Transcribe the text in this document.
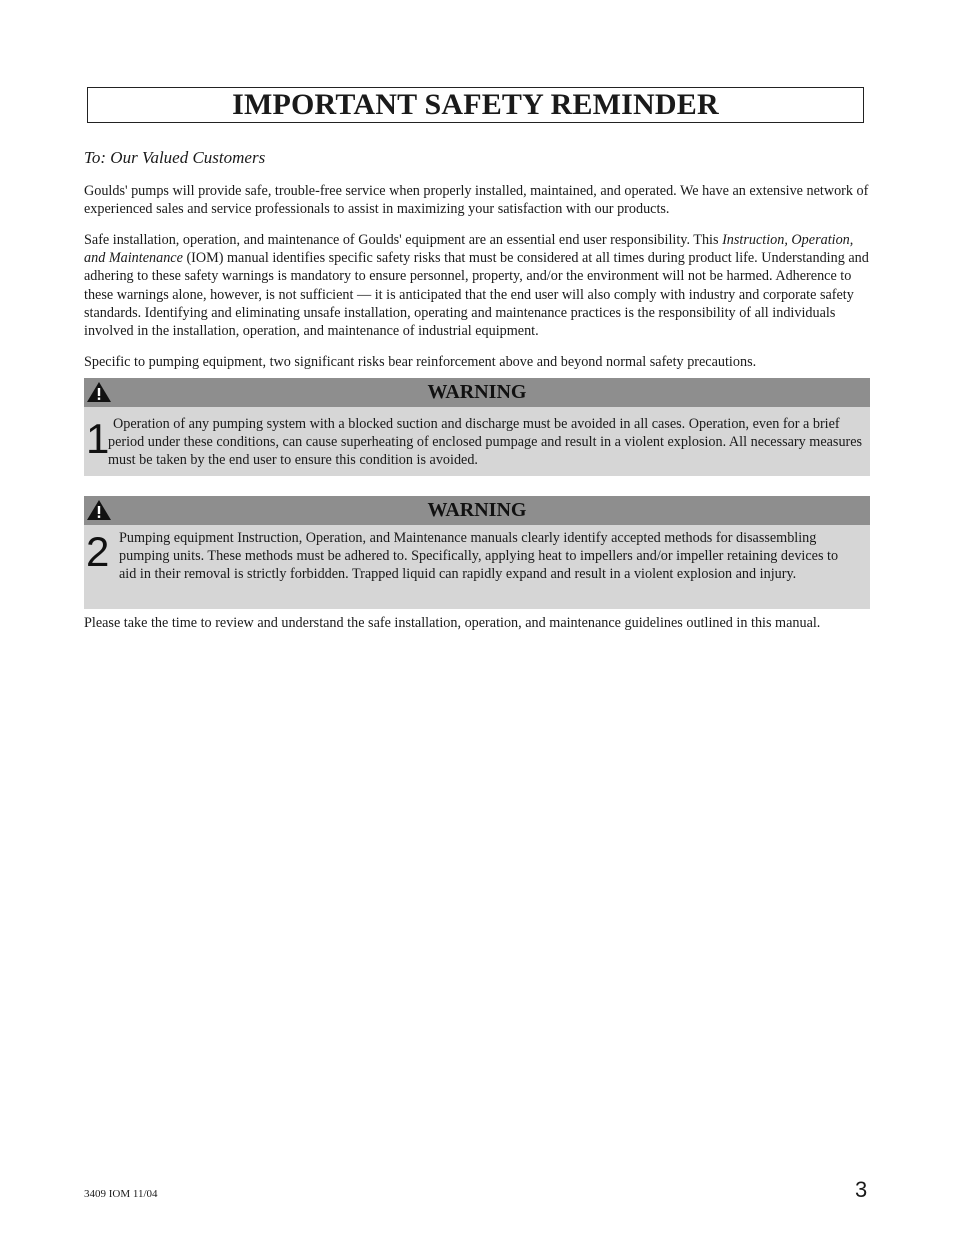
IMPORTANT SAFETY REMINDER
To: Our Valued Customers

Goulds' pumps will provide safe, trouble-free service when properly installed, maintained, and operated. We have an extensive network of experienced sales and service professionals to assist in maximizing your satisfaction with our products.

Safe installation, operation, and maintenance of Goulds' equipment are an essential end user responsibility. This Instruction, Operation, and Maintenance (IOM) manual identifies specific safety risks that must be considered at all times during product life. Understanding and adhering to these safety warnings is mandatory to ensure personnel, property, and/or the environment will not be harmed. Adherence to these warnings alone, however, is not sufficient — it is anticipated that the end user will also comply with industry and corporate safety standards. Identifying and eliminating unsafe installation, operating and maintenance practices is the responsibility of all individuals involved in the installation, operation, and maintenance of industrial equipment.

Specific to pumping equipment, two significant risks bear reinforcement above and beyond normal safety precautions.

WARNING
1 Operation of any pumping system with a blocked suction and discharge must be avoided in all cases. Operation, even for a brief period under these conditions, can cause superheating of enclosed pumpage and result in a violent explosion. All necessary measures must be taken by the end user to ensure this condition is avoided.

WARNING
2 Pumping equipment Instruction, Operation, and Maintenance manuals clearly identify accepted methods for disassembling pumping units. These methods must be adhered to. Specifically, applying heat to impellers and/or impeller retaining devices to aid in their removal is strictly forbidden. Trapped liquid can rapidly expand and result in a violent explosion and injury.

Please take the time to review and understand the safe installation, operation, and maintenance guidelines outlined in this manual.

3409 IOM 11/04	3
